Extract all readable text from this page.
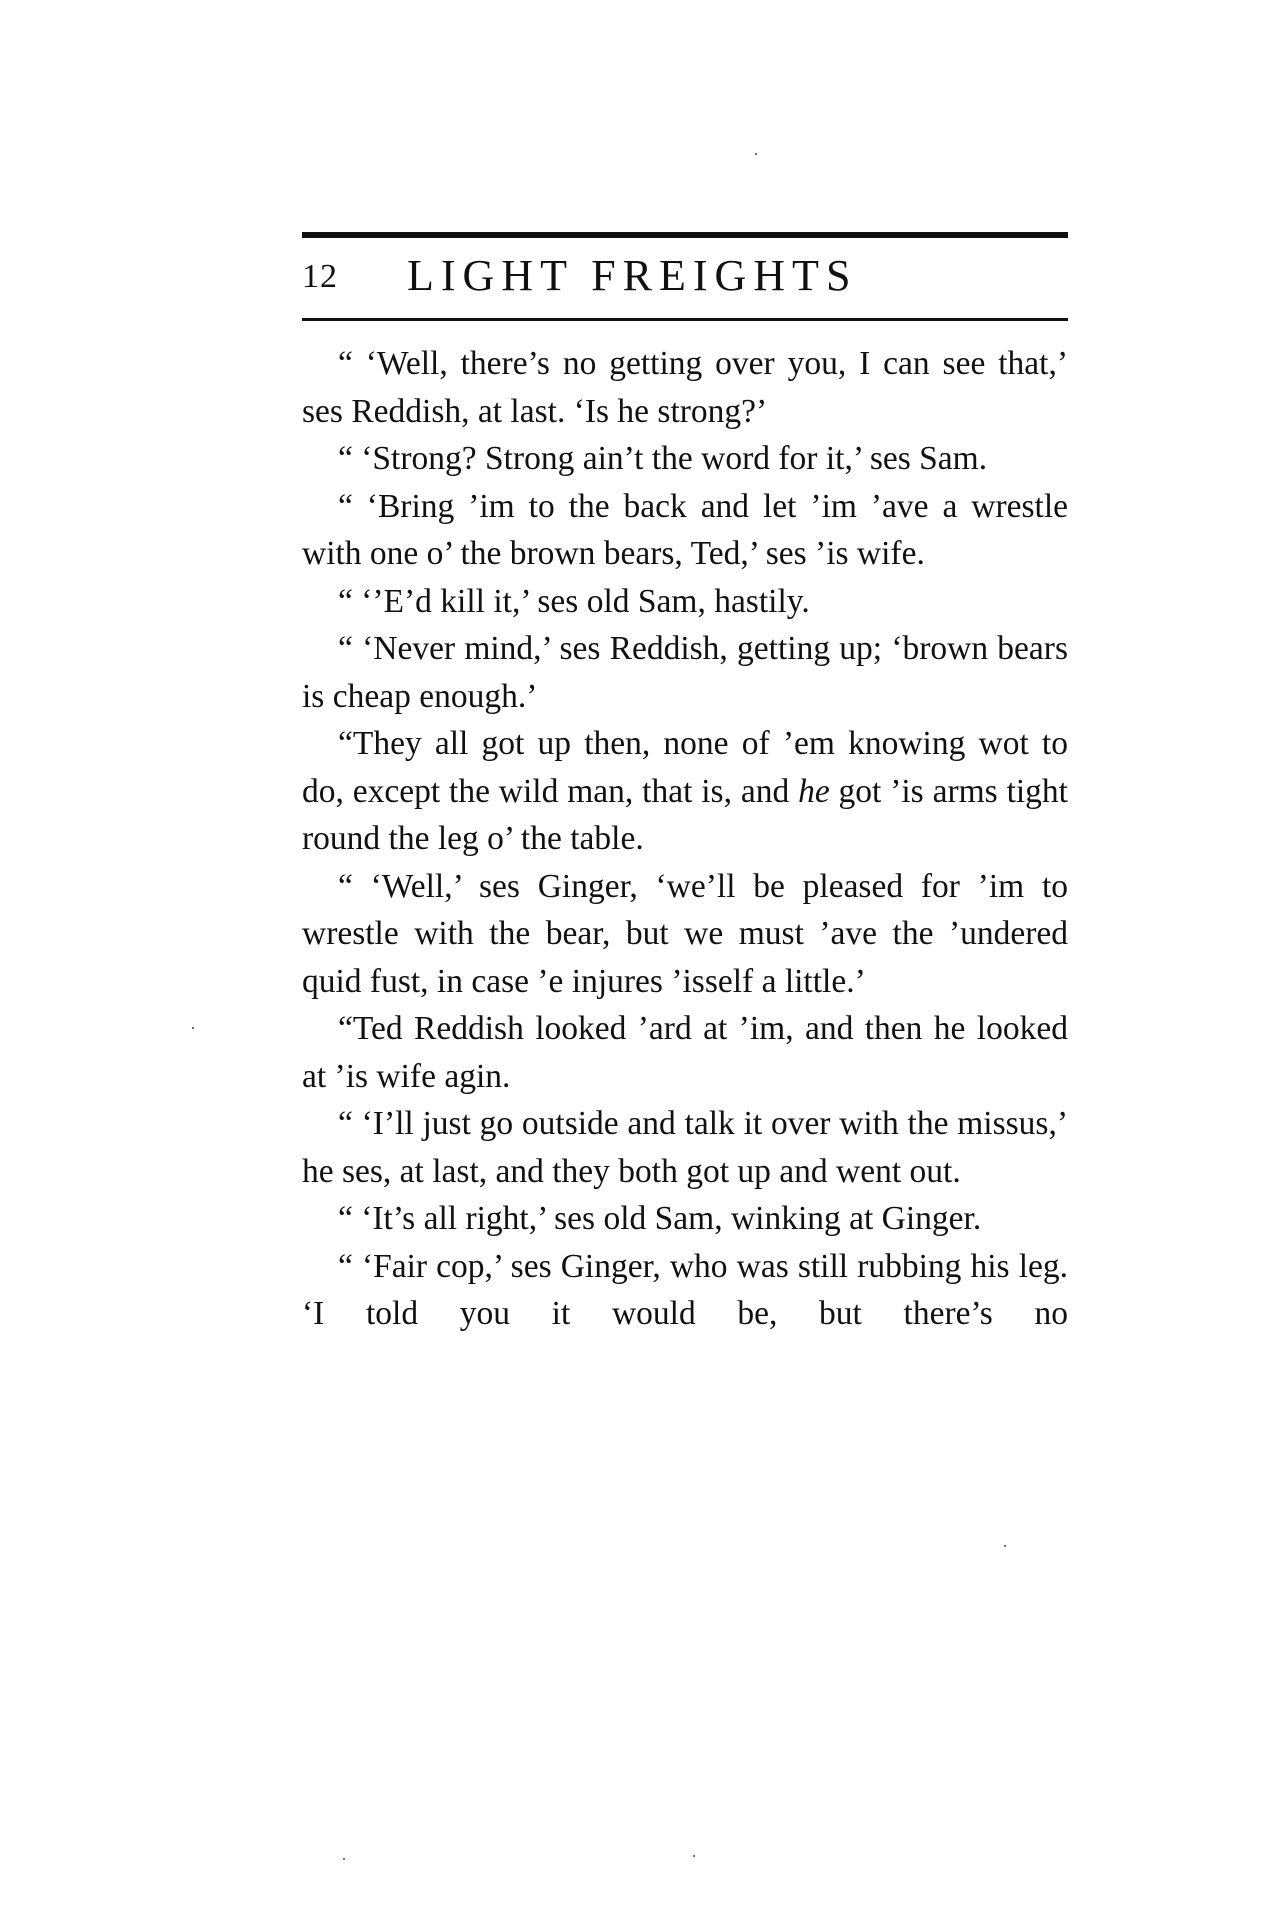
12 LIGHT FREIGHTS

“ ‘Well, there’s no getting over you, I can see that,’ ses Reddish, at last. ‘Is he strong?’

“ ‘Strong? Strong ain’t the word for it,’ ses Sam.

“ ‘Bring ’im to the back and let ’im ’ave a wrestle with one o’ the brown bears, Ted,’ ses ’is wife.

“ ‘’E’d kill it,’ ses old Sam, hastily.

“ ‘Never mind,’ ses Reddish, getting up; ‘brown bears is cheap enough.’

“They all got up then, none of ’em knowing wot to do, except the wild man, that is, and he got ’is arms tight round the leg o’ the table.

“ ‘Well,’ ses Ginger, ‘we’ll be pleased for ’im to wrestle with the bear, but we must ’ave the ’undered quid fust, in case ’e injures ’isself a little.’

“Ted Reddish looked ’ard at ’im, and then he looked at ’is wife agin.

“ ‘I’ll just go outside and talk it over with the missus,’ he ses, at last, and they both got up and went out.

“ ‘It’s all right,’ ses old Sam, winking at Ginger.

“ ‘Fair cop,’ ses Ginger, who was still rubbing his leg. ‘I told you it would be, but there’s no
